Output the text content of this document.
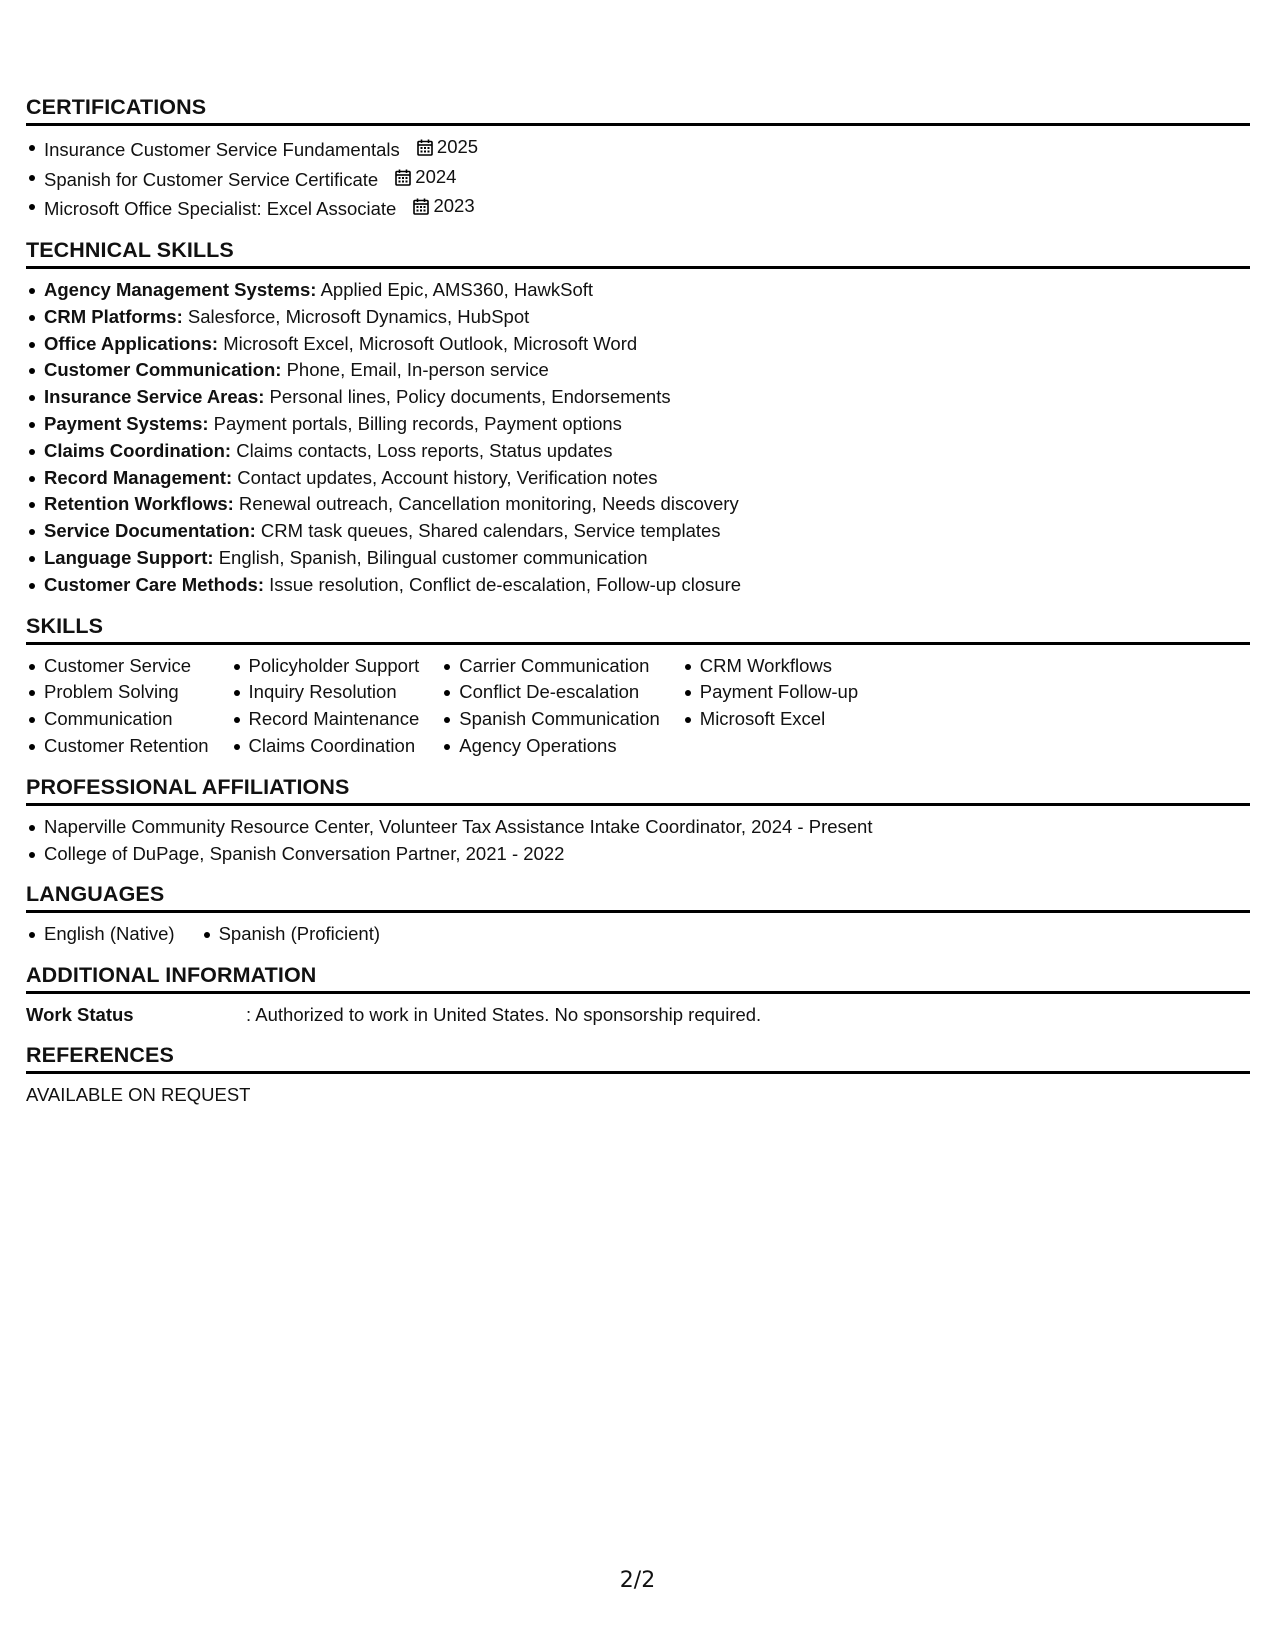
CERTIFICATIONS
Insurance Customer Service Fundamentals 2025
Spanish for Customer Service Certificate 2024
Microsoft Office Specialist: Excel Associate 2023
TECHNICAL SKILLS
Agency Management Systems: Applied Epic, AMS360, HawkSoft
CRM Platforms: Salesforce, Microsoft Dynamics, HubSpot
Office Applications: Microsoft Excel, Microsoft Outlook, Microsoft Word
Customer Communication: Phone, Email, In-person service
Insurance Service Areas: Personal lines, Policy documents, Endorsements
Payment Systems: Payment portals, Billing records, Payment options
Claims Coordination: Claims contacts, Loss reports, Status updates
Record Management: Contact updates, Account history, Verification notes
Retention Workflows: Renewal outreach, Cancellation monitoring, Needs discovery
Service Documentation: CRM task queues, Shared calendars, Service templates
Language Support: English, Spanish, Bilingual customer communication
Customer Care Methods: Issue resolution, Conflict de-escalation, Follow-up closure
SKILLS
Customer Service
Problem Solving
Communication
Customer Retention
Policyholder Support
Inquiry Resolution
Record Maintenance
Claims Coordination
Carrier Communication
Conflict De-escalation
Spanish Communication
Agency Operations
CRM Workflows
Payment Follow-up
Microsoft Excel
PROFESSIONAL AFFILIATIONS
Naperville Community Resource Center, Volunteer Tax Assistance Intake Coordinator, 2024 - Present
College of DuPage, Spanish Conversation Partner, 2021 - 2022
LANGUAGES
English (Native)	Spanish (Proficient)
ADDITIONAL INFORMATION
Work Status	: Authorized to work in United States. No sponsorship required.
REFERENCES
AVAILABLE ON REQUEST
2/2
